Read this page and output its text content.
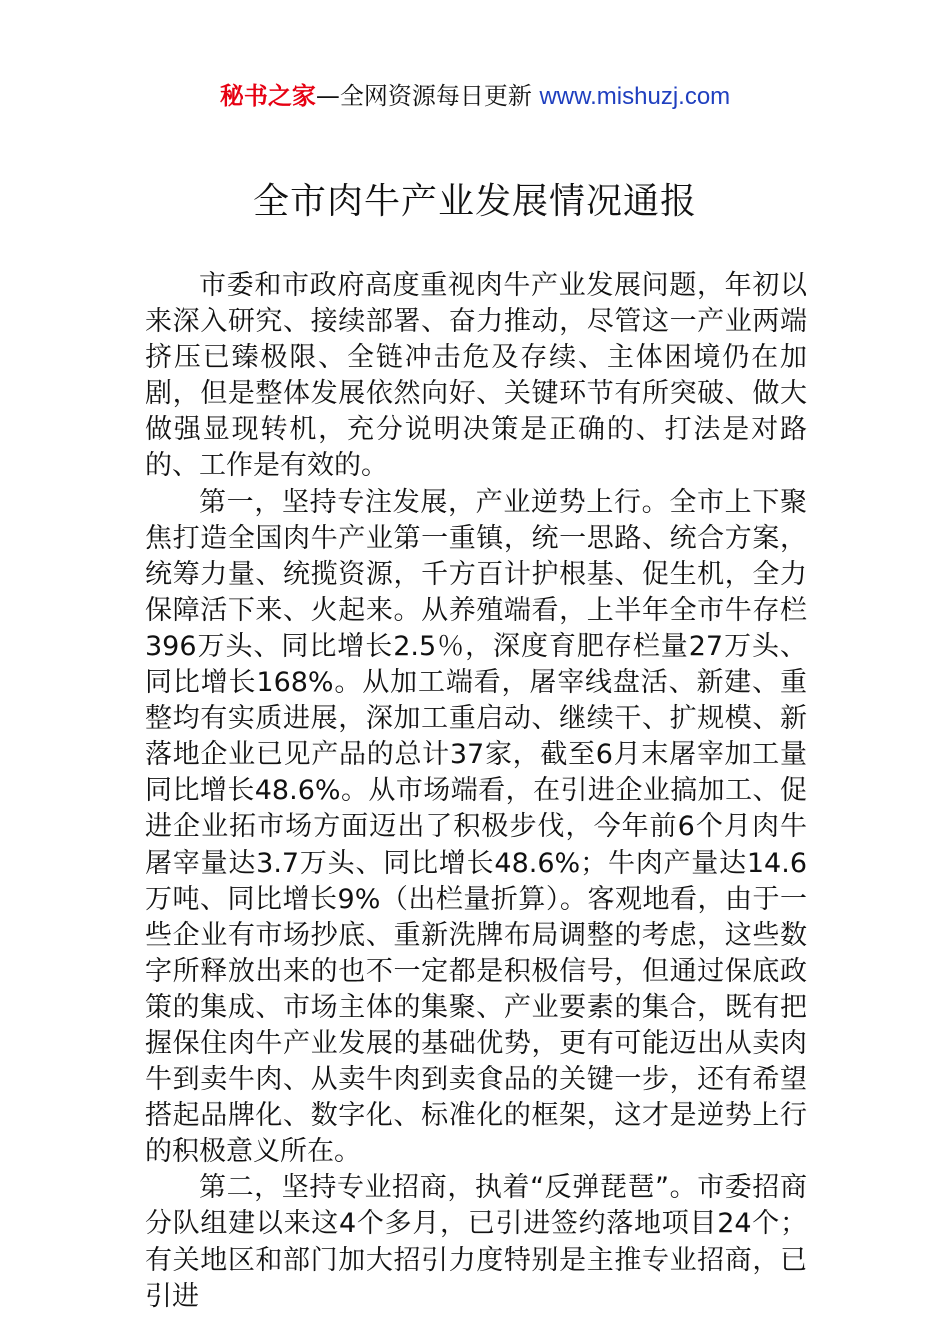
秘书之家—全网资源每日更新 www.mishuzj.com
全市肉牛产业发展情况通报

市委和市政府高度重视肉牛产业发展问题，年初以来深入研究、接续部署、奋力推动，尽管这一产业两端挤压已臻极限、全链冲击危及存续、主体困境仍在加剧，但是整体发展依然向好、关键环节有所突破、做大做强显现转机，充分说明决策是正确的、打法是对路的、工作是有效的。

第一，坚持专注发展，产业逆势上行。全市上下聚焦打造全国肉牛产业第一重镇，统一思路、统合方案，统筹力量、统揽资源，千方百计护根基、促生机，全力保障活下来、火起来。从养殖端看，上半年全市牛存栏396万头、同比增长2.5％，深度育肥存栏量27万头、同比增长168%。从加工端看，屠宰线盘活、新建、重整均有实质进展，深加工重启动、继续干、扩规模、新落地企业已见产品的总计37家，截至6月末屠宰加工量同比增长48.6%。从市场端看，在引进企业搞加工、促进企业拓市场方面迈出了积极步伐，今年前6个月肉牛屠宰量达3.7万头、同比增长48.6%；牛肉产量达14.6万吨、同比增长9%（出栏量折算）。客观地看，由于一些企业有市场抄底、重新洗牌布局调整的考虑，这些数字所释放出来的也不一定都是积极信号，但通过保底政策的集成、市场主体的集聚、产业要素的集合，既有把握保住肉牛产业发展的基础优势，更有可能迈出从卖肉牛到卖牛肉、从卖牛肉到卖食品的关键一步，还有希望搭起品牌化、数字化、标准化的框架，这才是逆势上行的积极意义所在。

第二，坚持专业招商，执着“反弹琵琶”。市委招商分队组建以来这4个多月，已引进签约落地项目24个；有关地区和部门加大招引力度特别是主推专业招商，已引进
